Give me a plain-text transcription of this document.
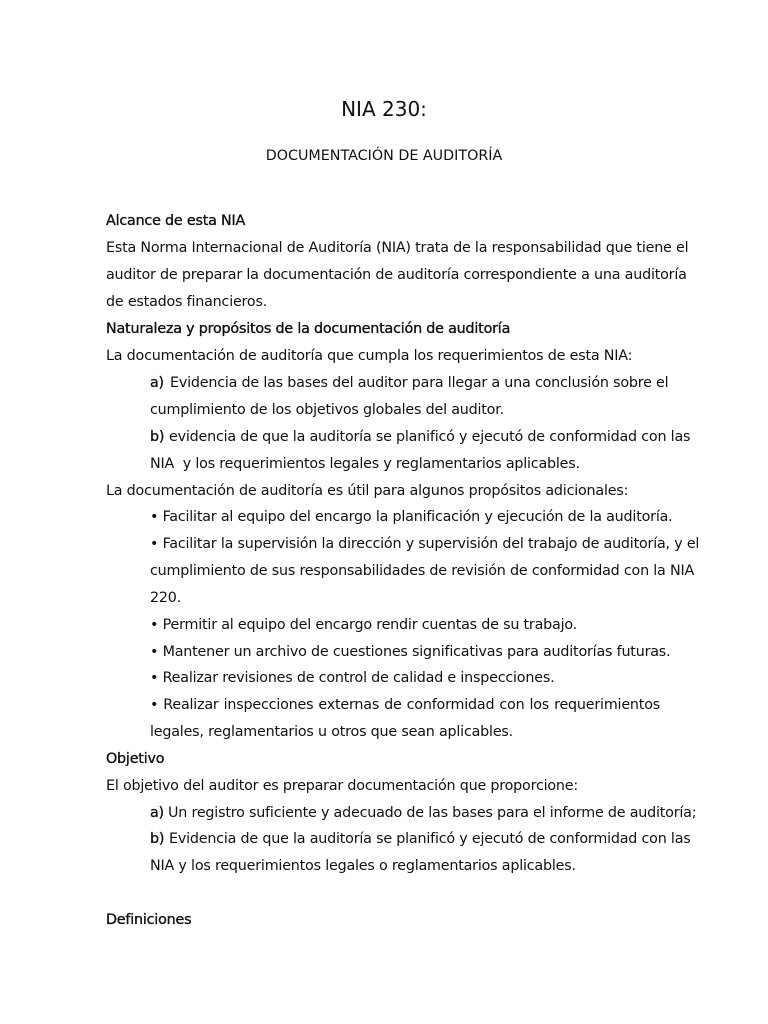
NIA 230:
DOCUMENTACIÓN DE AUDITORÍA
Alcance de esta NIA
Esta Norma Internacional de Auditoría (NIA) trata de la responsabilidad que tiene el
auditor de preparar la documentación de auditoría correspondiente a una auditoría
de estados financieros.
Naturaleza y propósitos de la documentación de auditoría
La documentación de auditoría que cumpla los requerimientos de esta NIA:
a) Evidencia de las bases del auditor para llegar a una conclusión sobre el
cumplimiento de los objetivos globales del auditor.
b) evidencia de que la auditoría se planificó y ejecutó de conformidad con las
NIA  y los requerimientos legales y reglamentarios aplicables.
La documentación de auditoría es útil para algunos propósitos adicionales:
• Facilitar al equipo del encargo la planificación y ejecución de la auditoría.
• Facilitar la supervisión la dirección y supervisión del trabajo de auditoría, y el
cumplimiento de sus responsabilidades de revisión de conformidad con la NIA
220.
• Permitir al equipo del encargo rendir cuentas de su trabajo.
• Mantener un archivo de cuestiones significativas para auditorías futuras.
• Realizar revisiones de control de calidad e inspecciones.
• Realizar inspecciones externas de conformidad con los requerimientos
legales, reglamentarios u otros que sean aplicables.
Objetivo
El objetivo del auditor es preparar documentación que proporcione:
a) Un registro suficiente y adecuado de las bases para el informe de auditoría;
b) Evidencia de que la auditoría se planificó y ejecutó de conformidad con las
NIA y los requerimientos legales o reglamentarios aplicables.
Definiciones
